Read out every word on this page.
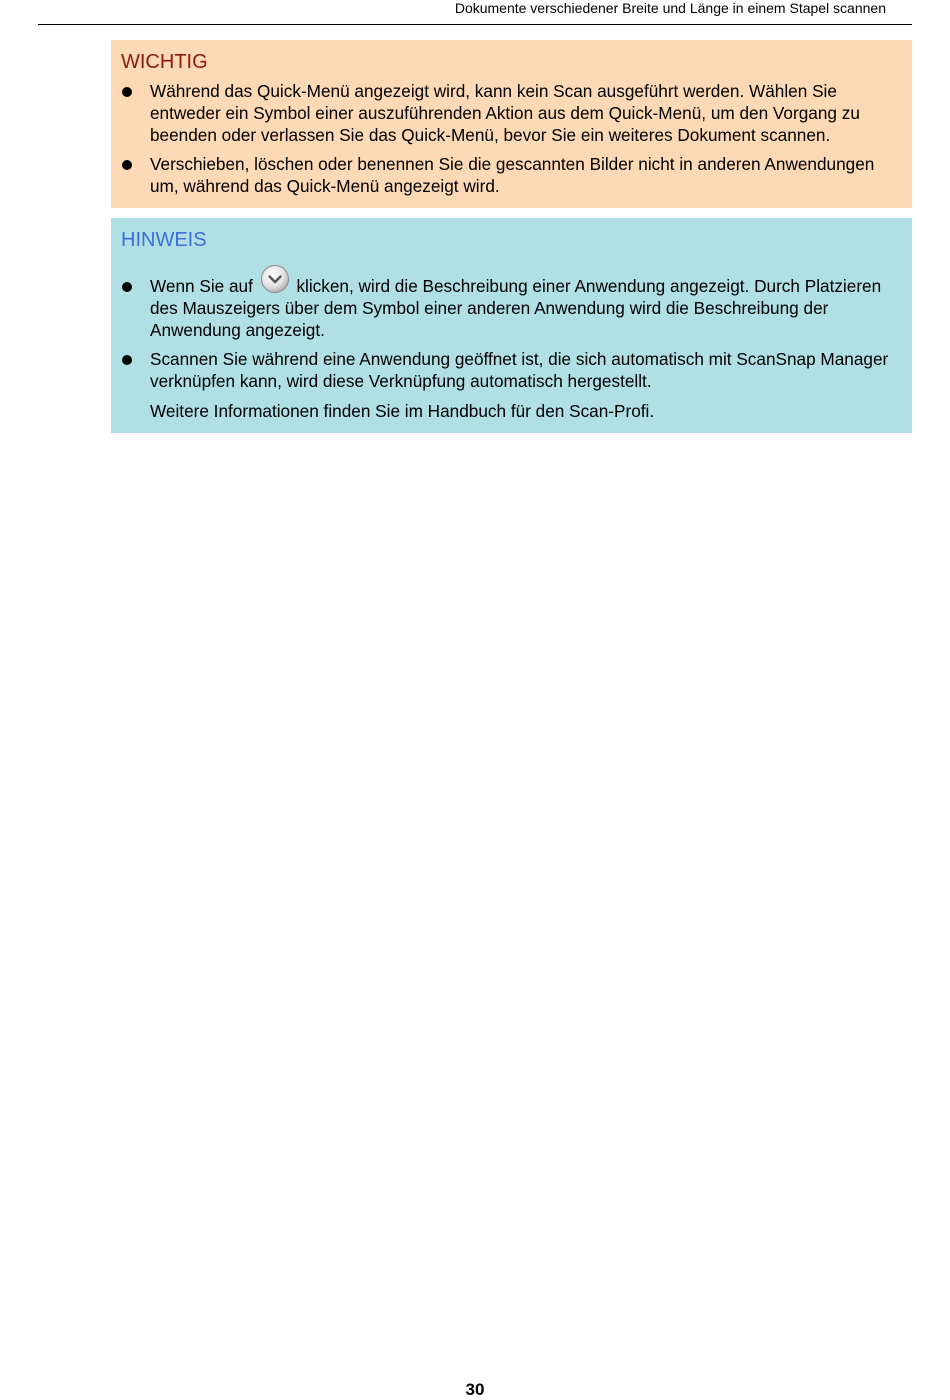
Dokumente verschiedener Breite und Länge in einem Stapel scannen
WICHTIG
Während das Quick-Menü angezeigt wird, kann kein Scan ausgeführt werden. Wählen Sie entweder ein Symbol einer auszuführenden Aktion aus dem Quick-Menü, um den Vorgang zu beenden oder verlassen Sie das Quick-Menü, bevor Sie ein weiteres Dokument scannen.
Verschieben, löschen oder benennen Sie die gescannten Bilder nicht in anderen Anwendungen um, während das Quick-Menü angezeigt wird.
HINWEIS
Wenn Sie auf	klicken, wird die Beschreibung einer Anwendung angezeigt. Durch Platzieren des Mauszeigers über dem Symbol einer anderen Anwendung wird die Beschreibung der Anwendung angezeigt.
Scannen Sie während eine Anwendung geöffnet ist, die sich automatisch mit ScanSnap Manager verknüpfen kann, wird diese Verknüpfung automatisch hergestellt.
Weitere Informationen finden Sie im Handbuch für den Scan-Profi.
30
